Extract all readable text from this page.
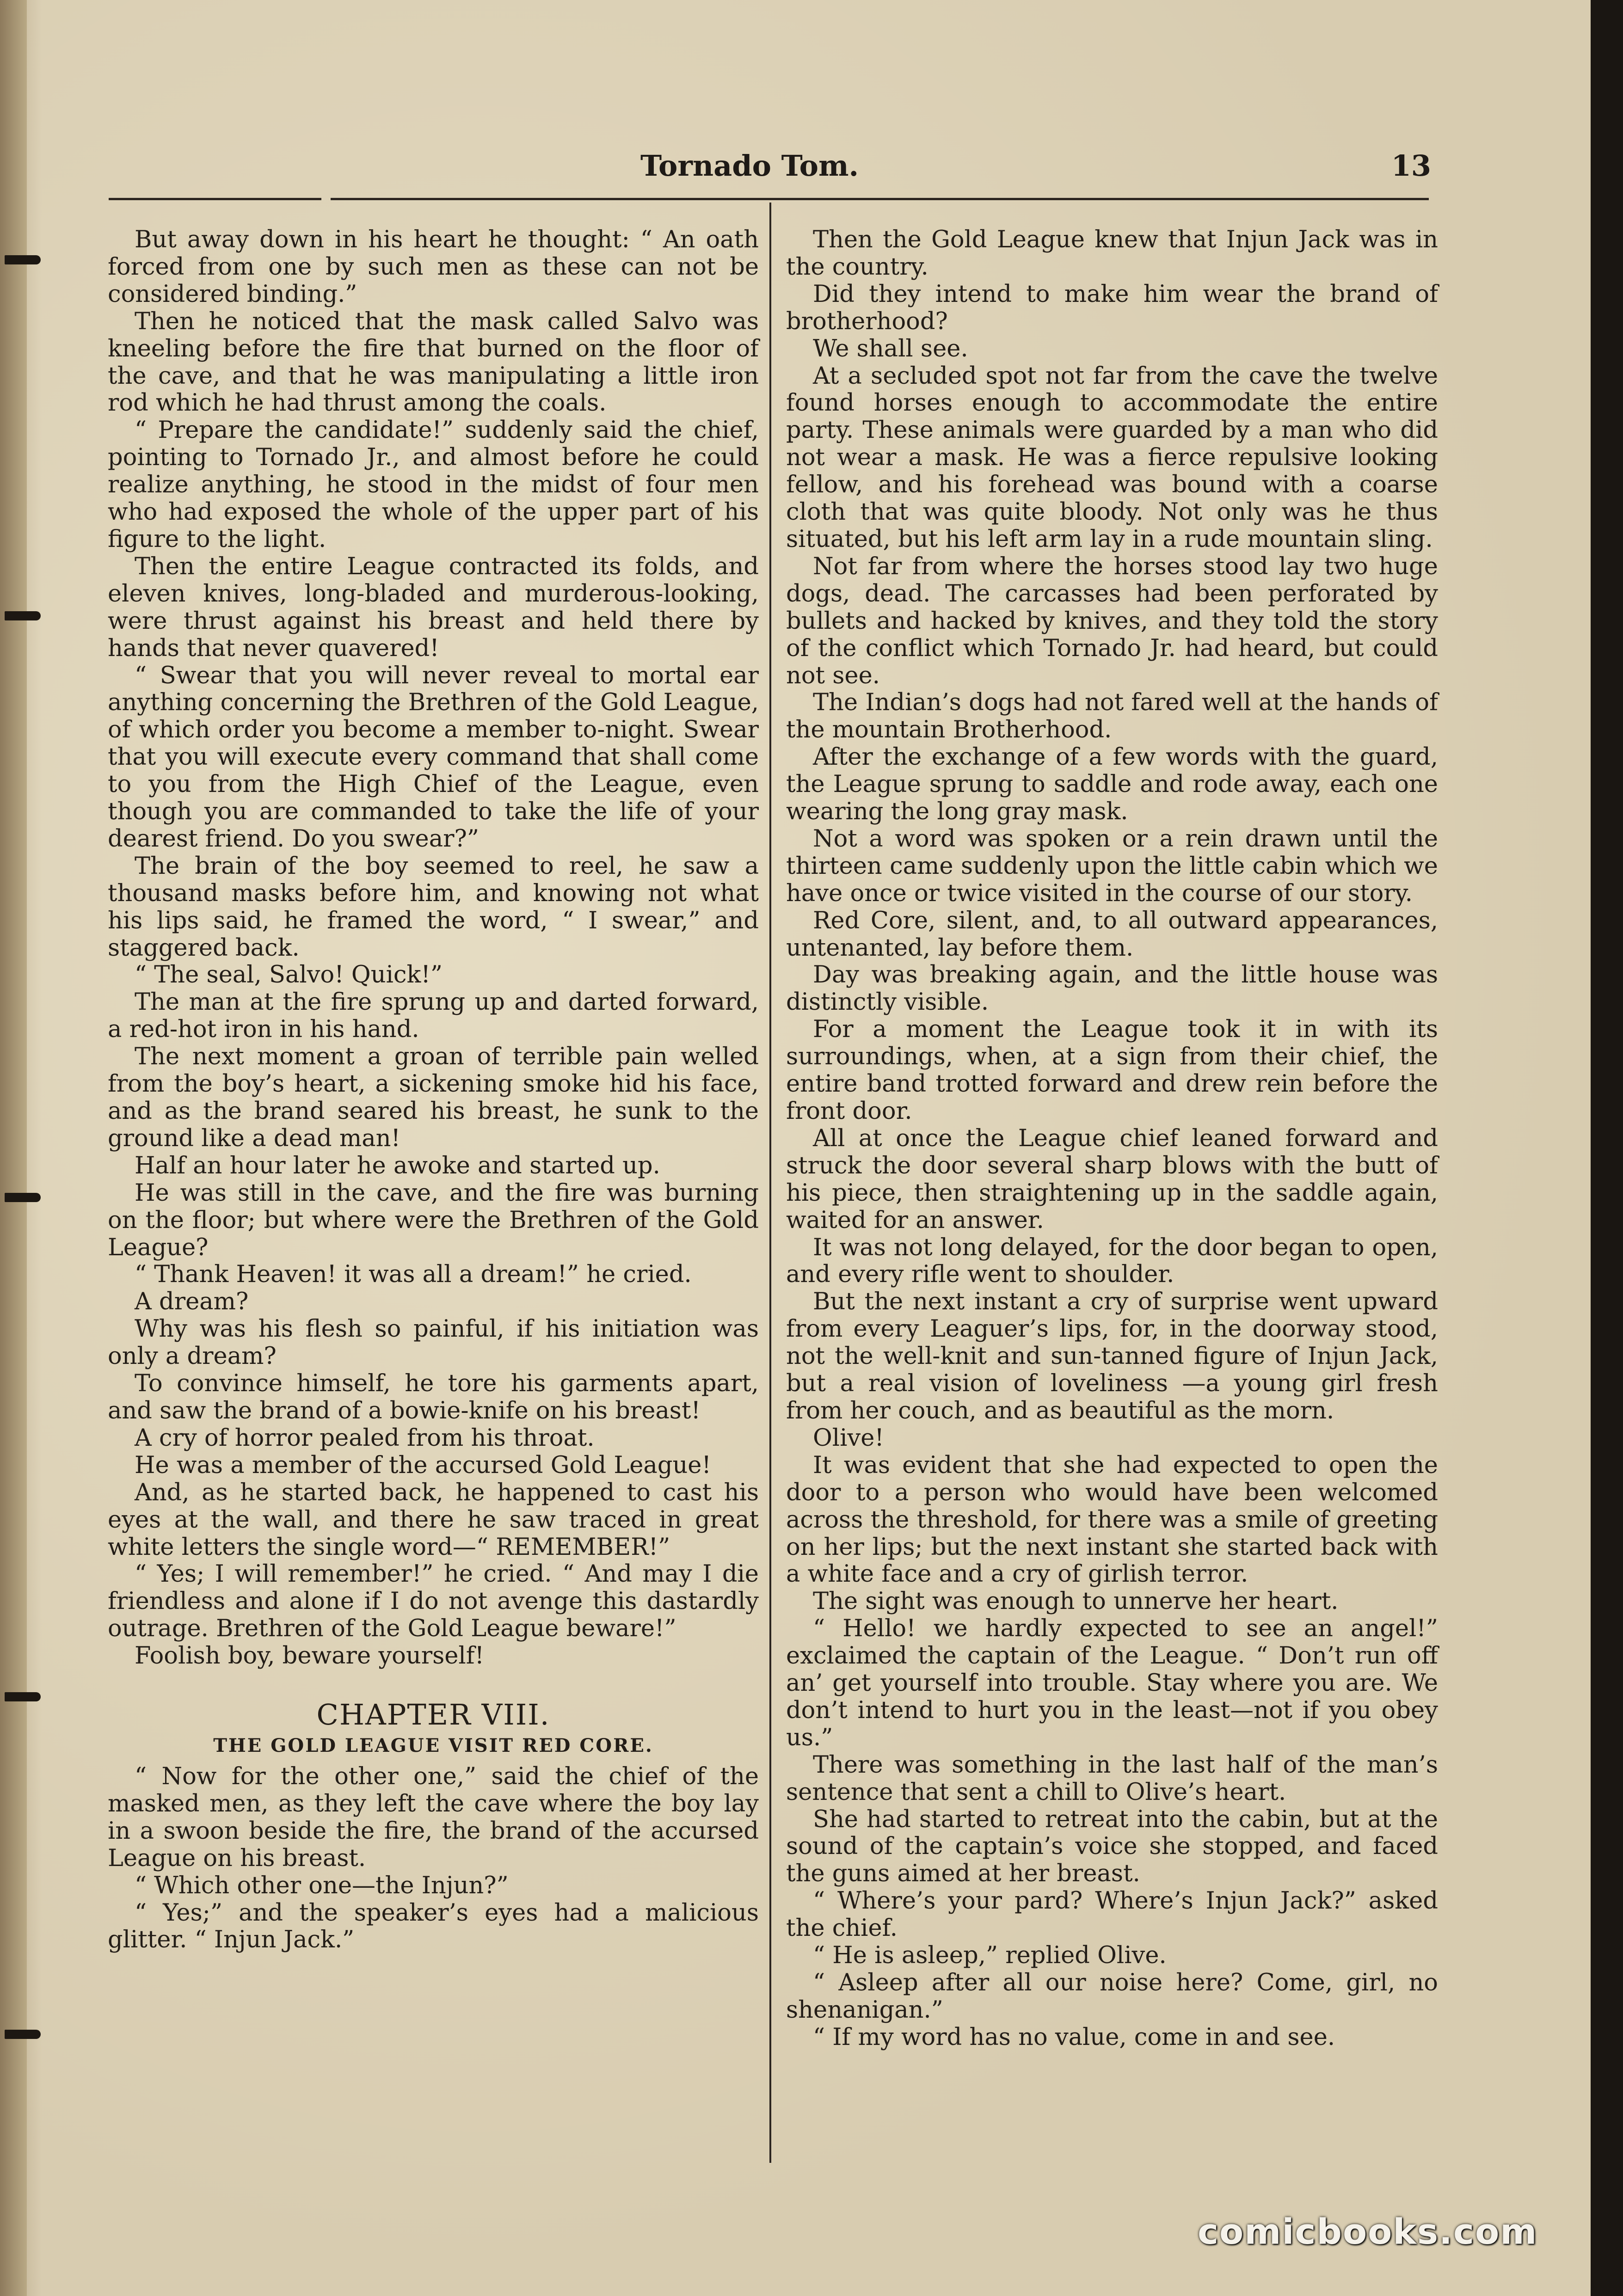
Tornado Tom.	13

But away down in his heart he thought: “ An oath forced from one by such men as these can not be considered binding.”

Then he noticed that the mask called Salvo was kneeling before the fire that burned on the floor of the cave, and that he was manipulating a little iron rod which he had thrust among the coals.

“ Prepare the candidate!” suddenly said the chief, pointing to Tornado Jr., and almost before he could realize anything, he stood in the midst of four men who had exposed the whole of the upper part of his figure to the light.

Then the entire League contracted its folds, and eleven knives, long-bladed and murderous-looking, were thrust against his breast and held there by hands that never quavered!

“ Swear that you will never reveal to mortal ear anything concerning the Brethren of the Gold League, of which order you become a member to-night. Swear that you will execute every command that shall come to you from the High Chief of the League, even though you are commanded to take the life of your dearest friend. Do you swear?”

The brain of the boy seemed to reel, he saw a thousand masks before him, and knowing not what his lips said, he framed the word, “ I swear,” and staggered back.

“ The seal, Salvo! Quick!”

The man at the fire sprung up and darted forward, a red-hot iron in his hand.

The next moment a groan of terrible pain welled from the boy’s heart, a sickening smoke hid his face, and as the brand seared his breast, he sunk to the ground like a dead man!

Half an hour later he awoke and started up.

He was still in the cave, and the fire was burning on the floor; but where were the Brethren of the Gold League?

“ Thank Heaven! it was all a dream!” he cried.

A dream?

Why was his flesh so painful, if his initiation was only a dream?

To convince himself, he tore his garments apart, and saw the brand of a bowie-knife on his breast!

A cry of horror pealed from his throat.

He was a member of the accursed Gold League!

And, as he started back, he happened to cast his eyes at the wall, and there he saw traced in great white letters the single word—“ REMEMBER!”

“ Yes; I will remember!” he cried. “ And may I die friendless and alone if I do not avenge this dastardly outrage. Brethren of the Gold League beware!”

Foolish boy, beware yourself!

CHAPTER VIII.
THE GOLD LEAGUE VISIT RED CORE.

“ Now for the other one,” said the chief of the masked men, as they left the cave where the boy lay in a swoon beside the fire, the brand of the accursed League on his breast.

“ Which other one—the Injun?”

“ Yes;” and the speaker’s eyes had a malicious glitter. “ Injun Jack.”

Then the Gold League knew that Injun Jack was in the country.

Did they intend to make him wear the brand of brotherhood?

We shall see.

At a secluded spot not far from the cave the twelve found horses enough to accommodate the entire party. These animals were guarded by a man who did not wear a mask. He was a fierce repulsive looking fellow, and his forehead was bound with a coarse cloth that was quite bloody. Not only was he thus situated, but his left arm lay in a rude mountain sling.

Not far from where the horses stood lay two huge dogs, dead. The carcasses had been perforated by bullets and hacked by knives, and they told the story of the conflict which Tornado Jr. had heard, but could not see.

The Indian’s dogs had not fared well at the hands of the mountain Brotherhood.

After the exchange of a few words with the guard, the League sprung to saddle and rode away, each one wearing the long gray mask.

Not a word was spoken or a rein drawn until the thirteen came suddenly upon the little cabin which we have once or twice visited in the course of our story.

Red Core, silent, and, to all outward appearances, untenanted, lay before them.

Day was breaking again, and the little house was distinctly visible.

For a moment the League took it in with its surroundings, when, at a sign from their chief, the entire band trotted forward and drew rein before the front door.

All at once the League chief leaned forward and struck the door several sharp blows with the butt of his piece, then straightening up in the saddle again, waited for an answer.

It was not long delayed, for the door began to open, and every rifle went to shoulder.

But the next instant a cry of surprise went upward from every Leaguer’s lips, for, in the doorway stood, not the well-knit and sun-tanned figure of Injun Jack, but a real vision of loveliness —a young girl fresh from her couch, and as beautiful as the morn.

Olive!

It was evident that she had expected to open the door to a person who would have been welcomed across the threshold, for there was a smile of greeting on her lips; but the next instant she started back with a white face and a cry of girlish terror.

The sight was enough to unnerve her heart.

“ Hello! we hardly expected to see an angel!” exclaimed the captain of the League. “ Don’t run off an’ get yourself into trouble. Stay where you are. We don’t intend to hurt you in the least—not if you obey us.”

There was something in the last half of the man’s sentence that sent a chill to Olive’s heart.

She had started to retreat into the cabin, but at the sound of the captain’s voice she stopped, and faced the guns aimed at her breast.

“ Where’s your pard? Where’s Injun Jack?” asked the chief.

“ He is asleep,” replied Olive.

“ Asleep after all our noise here? Come, girl, no shenanigan.”

“ If my word has no value, come in and see.

comicbooks.com
